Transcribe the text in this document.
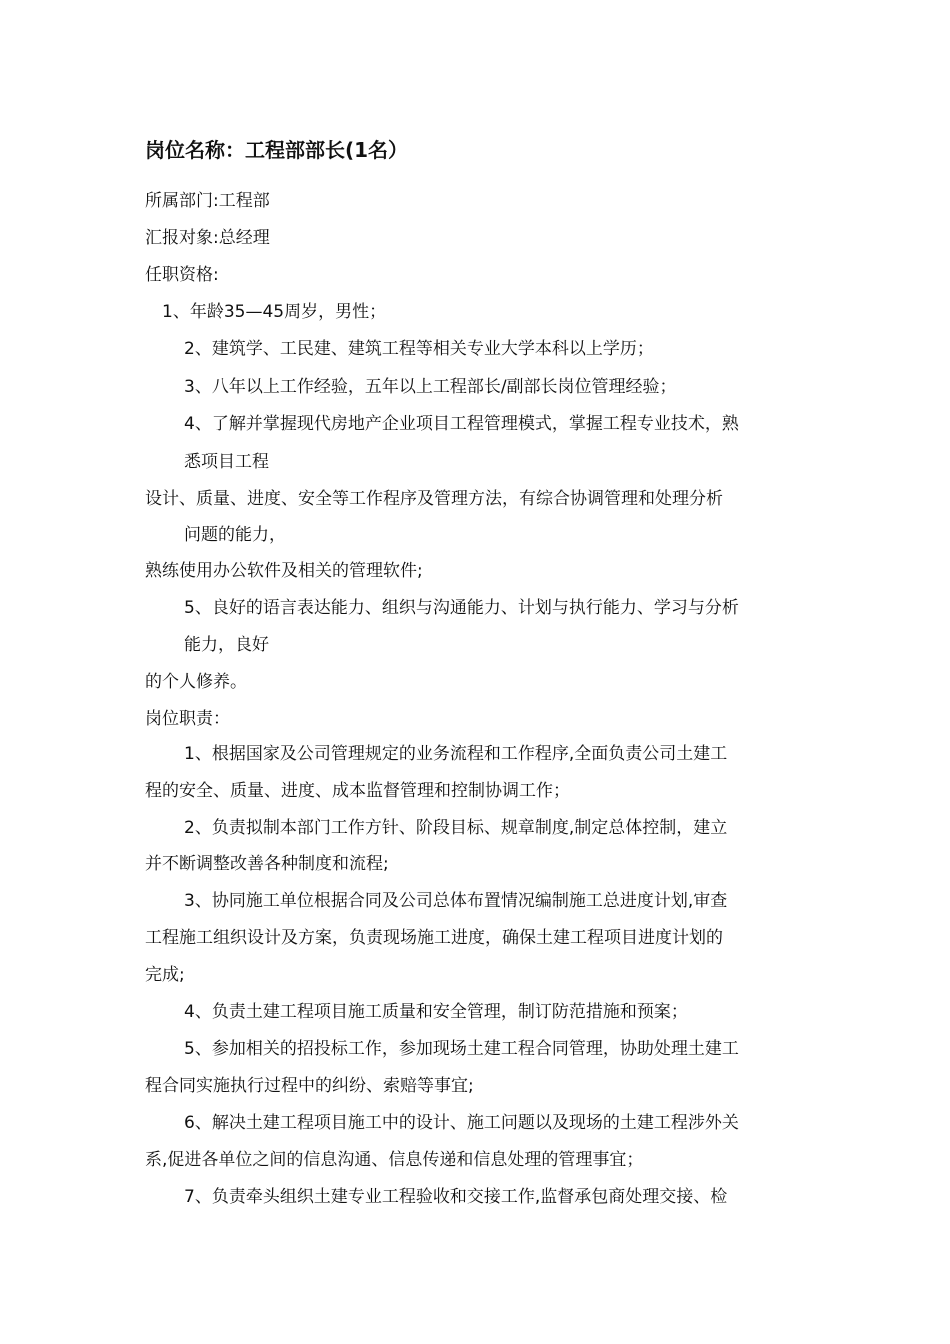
岗位名称：工程部部长(1名）
所属部门:工程部
汇报对象:总经理
任职资格:
1、年龄35—45周岁，男性；
2、建筑学、工民建、建筑工程等相关专业大学本科以上学历；
3、八年以上工作经验，五年以上工程部长/副部长岗位管理经验；
4、了解并掌握现代房地产企业项目工程管理模式，掌握工程专业技术，熟
悉项目工程
设计、质量、进度、安全等工作程序及管理方法，有综合协调管理和处理分析
问题的能力，
熟练使用办公软件及相关的管理软件;
5、良好的语言表达能力、组织与沟通能力、计划与执行能力、学习与分析
能力，良好
的个人修养。
岗位职责：
1、根据国家及公司管理规定的业务流程和工作程序,全面负责公司土建工
程的安全、质量、进度、成本监督管理和控制协调工作；
2、负责拟制本部门工作方针、阶段目标、规章制度,制定总体控制，建立
并不断调整改善各种制度和流程;
3、协同施工单位根据合同及公司总体布置情况编制施工总进度计划,审查
工程施工组织设计及方案，负责现场施工进度，确保土建工程项目进度计划的
完成;
4、负责土建工程项目施工质量和安全管理，制订防范措施和预案；
5、参加相关的招投标工作，参加现场土建工程合同管理，协助处理土建工
程合同实施执行过程中的纠纷、索赔等事宜;
6、解决土建工程项目施工中的设计、施工问题以及现场的土建工程涉外关
系,促进各单位之间的信息沟通、信息传递和信息处理的管理事宜；
7、负责牵头组织土建专业工程验收和交接工作,监督承包商处理交接、检
